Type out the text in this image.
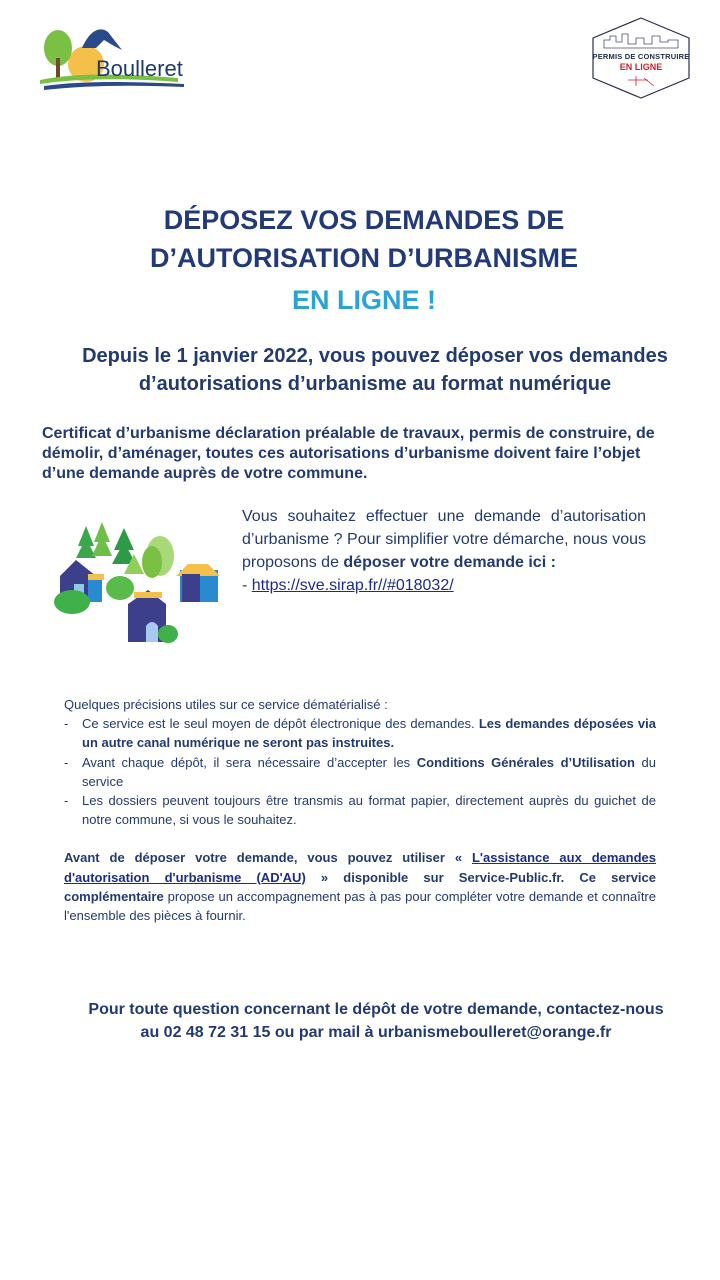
Boulleret	PERMIS DE CONSTRUIRE
EN LIGNE
DÉPOSEZ VOS DEMANDES DE
D’AUTORISATION D’URBANISME
EN LIGNE !
Depuis le 1 janvier 2022, vous pouvez déposer vos demandes
d’autorisations d’urbanisme au format numérique
Certificat d’urbanisme déclaration préalable de travaux, permis de construire, de démolir, d’aménager, toutes ces autorisations d’urbanisme doivent faire l’objet d’une demande auprès de votre commune.
Vous souhaitez effectuer une demande d’autorisation d’urbanisme ? Pour simplifier votre démarche, nous vous proposons de déposer votre demande ici :
- https://sve.sirap.fr//#018032/
Quelques précisions utiles sur ce service dématérialisé :
- Ce service est le seul moyen de dépôt électronique des demandes. Les demandes déposées via un autre canal numérique ne seront pas instruites.
- Avant chaque dépôt, il sera nécessaire d’accepter les Conditions Générales d’Utilisation du service
- Les dossiers peuvent toujours être transmis au format papier, directement auprès du guichet de notre commune, si vous le souhaitez.
Avant de déposer votre demande, vous pouvez utiliser « L'assistance aux demandes d'autorisation d'urbanisme (AD'AU) » disponible sur Service-Public.fr. Ce service complémentaire propose un accompagnement pas à pas pour compléter votre demande et connaître l'ensemble des pièces à fournir.
Pour toute question concernant le dépôt de votre demande, contactez-nous
au 02 48 72 31 15 ou par mail à urbanismeboulleret@orange.fr
